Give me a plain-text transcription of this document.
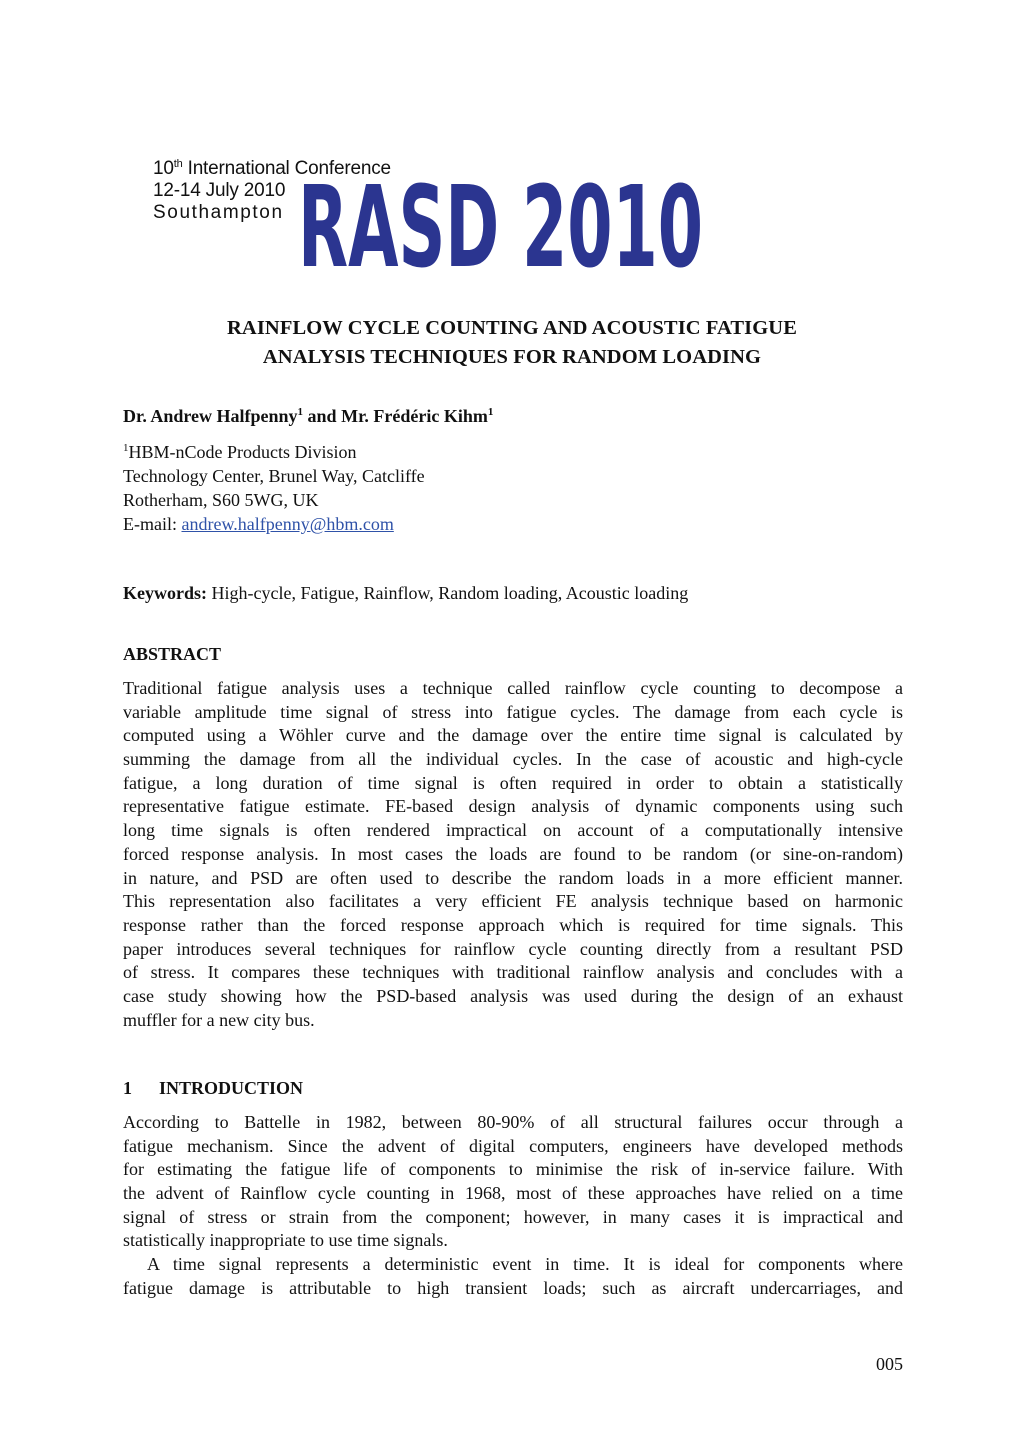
10th International Conference
12-14 July 2010
Southampton RASD 2010
RAINFLOW CYCLE COUNTING AND ACOUSTIC FATIGUE
ANALYSIS TECHNIQUES FOR RANDOM LOADING
Dr. Andrew Halfpenny$^1$ and Mr. Frédéric Kihm$^1$
$^1$HBM-nCode Products Division
Technology Center, Brunel Way, Catcliffe
Rotherham, S60 5WG, UK
E-mail: andrew.halfpenny@hbm.com
Keywords: High-cycle, Fatigue, Rainflow, Random loading, Acoustic loading
ABSTRACT
Traditional fatigue analysis uses a technique called rainflow cycle counting to decompose a
variable amplitude time signal of stress into fatigue cycles. The damage from each cycle is
computed using a Wöhler curve and the damage over the entire time signal is calculated by
summing the damage from all the individual cycles. In the case of acoustic and high-cycle
fatigue, a long duration of time signal is often required in order to obtain a statistically
representative fatigue estimate. FE-based design analysis of dynamic components using such
long time signals is often rendered impractical on account of a computationally intensive
forced response analysis. In most cases the loads are found to be random (or sine-on-random)
in nature, and PSD are often used to describe the random loads in a more efficient manner.
This representation also facilitates a very efficient FE analysis technique based on harmonic
response rather than the forced response approach which is required for time signals. This
paper introduces several techniques for rainflow cycle counting directly from a resultant PSD
of stress. It compares these techniques with traditional rainflow analysis and concludes with a
case study showing how the PSD-based analysis was used during the design of an exhaust
muffler for a new city bus.
1 INTRODUCTION
According to Battelle in 1982, between 80-90% of all structural failures occur through a
fatigue mechanism. Since the advent of digital computers, engineers have developed methods
for estimating the fatigue life of components to minimise the risk of in-service failure. With
the advent of Rainflow cycle counting in 1968, most of these approaches have relied on a time
signal of stress or strain from the component; however, in many cases it is impractical and
statistically inappropriate to use time signals.
A time signal represents a deterministic event in time. It is ideal for components where
fatigue damage is attributable to high transient loads; such as aircraft undercarriages, and
005
